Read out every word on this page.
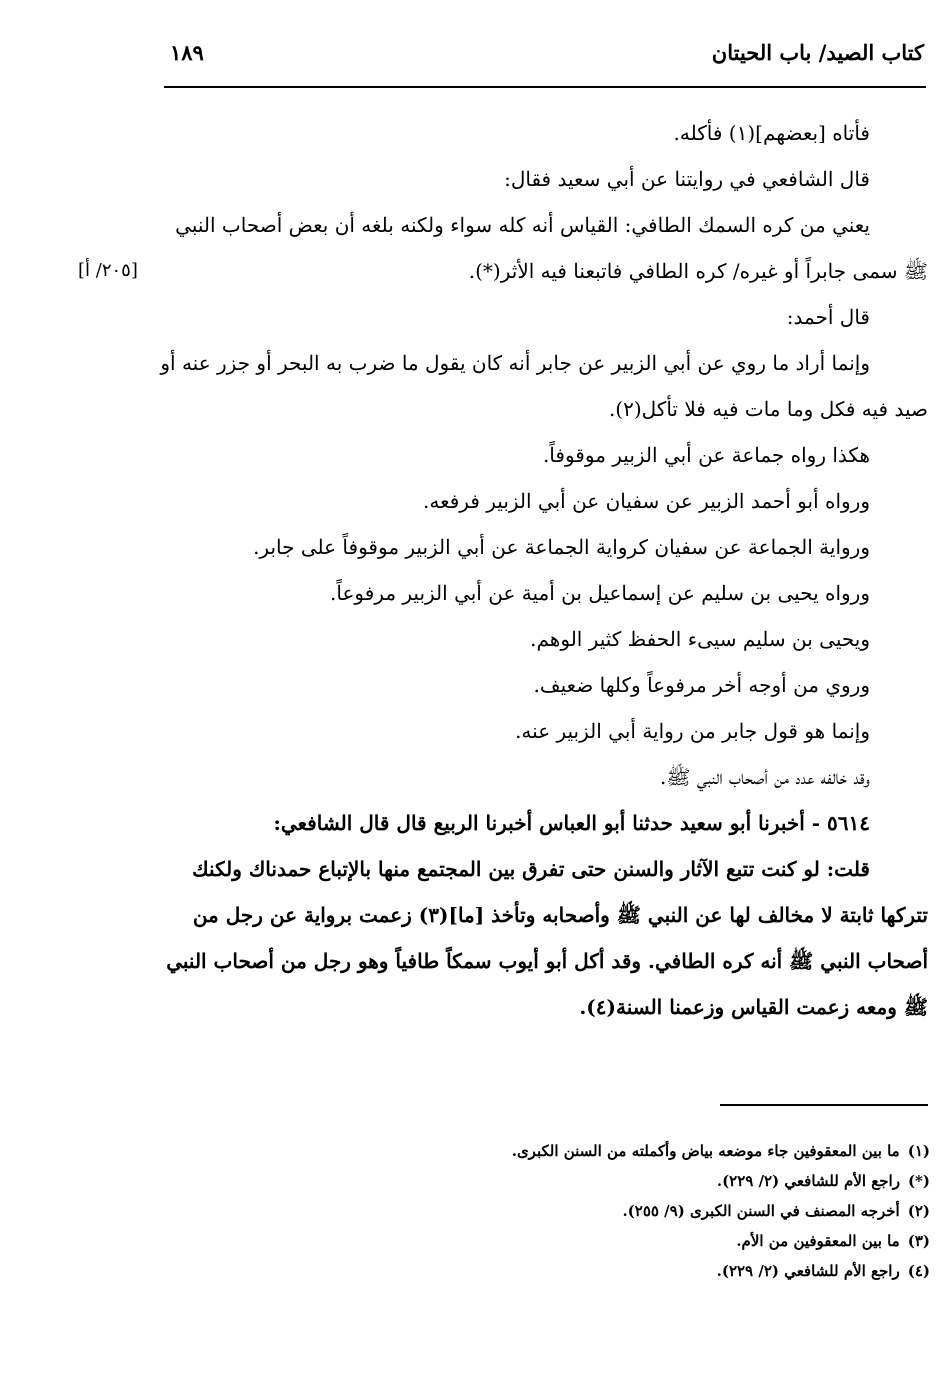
كتاب الصيد/ باب الحيتان
١٨٩
[٢٠٥/ أ]

فأتاه [بعضهم](١) فأكله.

قال الشافعي في روايتنا عن أبي سعيد فقال:

يعني من كره السمك الطافي: القياس أنه كله سواء ولكنه بلغه أن بعض أصحاب النبي ﷺ سمى جابراً أو غيره/ كره الطافي فاتبعنا فيه الأثر(*).

قال أحمد:

وإنما أراد ما روي عن أبي الزبير عن جابر أنه كان يقول ما ضرب به البحر أو جزر عنه أو صيد فيه فكل وما مات فيه فلا تأكل(٢).

هكذا رواه جماعة عن أبي الزبير موقوفاً.

ورواه أبو أحمد الزبير عن سفيان عن أبي الزبير فرفعه.

ورواية الجماعة عن سفيان كرواية الجماعة عن أبي الزبير موقوفاً على جابر.

ورواه يحيى بن سليم عن إسماعيل بن أمية عن أبي الزبير مرفوعاً.

ويحيى بن سليم سيىء الحفظ كثير الوهم.

وروي من أوجه أخر مرفوعاً وكلها ضعيف.

وإنما هو قول جابر من رواية أبي الزبير عنه.

وقد خالفه عدد من أصحاب النبي ﷺ.

٥٦١٤ - أخبرنا أبو سعيد حدثنا أبو العباس أخبرنا الربيع قال قال الشافعي:

قلت: لو كنت تتبع الآثار والسنن حتى تفرق بين المجتمع منها بالإتباع حمدناك ولكنك تتركها ثابتة لا مخالف لها عن النبي ﷺ وأصحابه وتأخذ [ما](٣) زعمت برواية عن رجل من أصحاب النبي ﷺ أنه كره الطافي. وقد أكل أبو أيوب سمكاً طافياً وهو رجل من أصحاب النبي ﷺ ومعه زعمت القياس وزعمنا السنة(٤).

(١)ما بين المعقوفين جاء موضعه بياض وأكملته من السنن الكبرى.

(*)راجع الأم للشافعي (٢/ ٢٢٩).

(٢)أخرجه المصنف في السنن الكبرى (٩/ ٢٥٥).

(٣)ما بين المعقوفين من الأم.

(٤)راجع الأم للشافعي (٢/ ٢٢٩).
